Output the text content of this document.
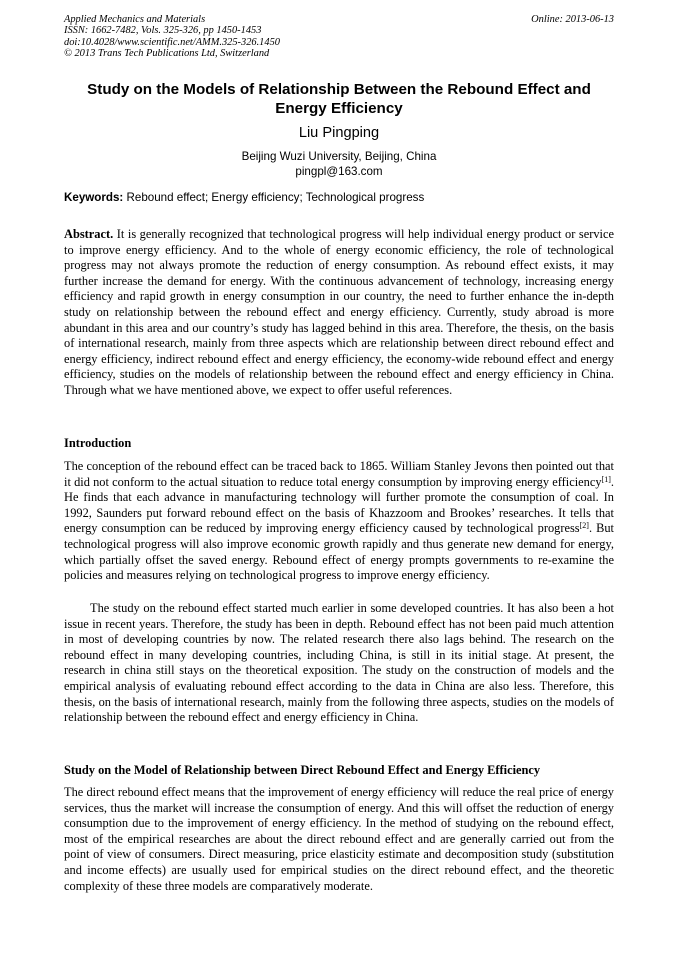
Applied Mechanics and Materials
ISSN: 1662-7482, Vols. 325-326, pp 1450-1453
doi:10.4028/www.scientific.net/AMM.325-326.1450
© 2013 Trans Tech Publications Ltd, Switzerland
Online: 2013-06-13
Study on the Models of Relationship Between the Rebound Effect and Energy Efficiency
Liu Pingping
Beijing Wuzi University, Beijing, China
pingpl@163.com
Keywords: Rebound effect; Energy efficiency; Technological progress

Abstract. It is generally recognized that technological progress will help individual energy product or service to improve energy efficiency. And to the whole of energy economic efficiency, the role of technological progress may not always promote the reduction of energy consumption. As rebound effect exists, it may further increase the demand for energy. With the continuous advancement of technology, increasing energy efficiency and rapid growth in energy consumption in our country, the need to further enhance the in-depth study on relationship between the rebound effect and energy efficiency. Currently, study abroad is more abundant in this area and our country’s study has lagged behind in this area. Therefore, the thesis, on the basis of international research, mainly from three aspects which are relationship between direct rebound effect and energy efficiency, indirect rebound effect and energy efficiency, the economy-wide rebound effect and energy efficiency, studies on the models of relationship between the rebound effect and energy efficiency in China. Through what we have mentioned above, we expect to offer useful references.

Introduction

The conception of the rebound effect can be traced back to 1865. William Stanley Jevons then pointed out that it did not conform to the actual situation to reduce total energy consumption by improving energy efficiency[1]. He finds that each advance in manufacturing technology will further promote the consumption of coal. In 1992, Saunders put forward rebound effect on the basis of Khazzoom and Brookes’ researches. It tells that energy consumption can be reduced by improving energy efficiency caused by technological progress[2]. But technological progress will also improve economic growth rapidly and thus generate new demand for energy, which partially offset the saved energy. Rebound effect of energy prompts governments to re-examine the policies and measures relying on technological progress to improve energy efficiency.

The study on the rebound effect started much earlier in some developed countries. It has also been a hot issue in recent years. Therefore, the study has been in depth. Rebound effect has not been paid much attention in most of developing countries by now. The related research there also lags behind. The research on the rebound effect in many developing countries, including China, is still in its initial stage. At present, the research in china still stays on the theoretical exposition. The study on the construction of models and the empirical analysis of evaluating rebound effect according to the data in China are also less. Therefore, this thesis, on the basis of international research, mainly from the following three aspects, studies on the models of relationship between the rebound effect and energy efficiency in China.

Study on the Model of Relationship between Direct Rebound Effect and Energy Efficiency

The direct rebound effect means that the improvement of energy efficiency will reduce the real price of energy services, thus the market will increase the consumption of energy. And this will offset the reduction of energy consumption due to the improvement of energy efficiency. In the method of studying on the rebound effect, most of the empirical researches are about the direct rebound effect and are generally carried out from the point of view of consumers. Direct measuring, price elasticity estimate and decomposition study (substitution and income effects) are usually used for empirical studies on the direct rebound effect, and the theoretic complexity of these three models are comparatively moderate.
